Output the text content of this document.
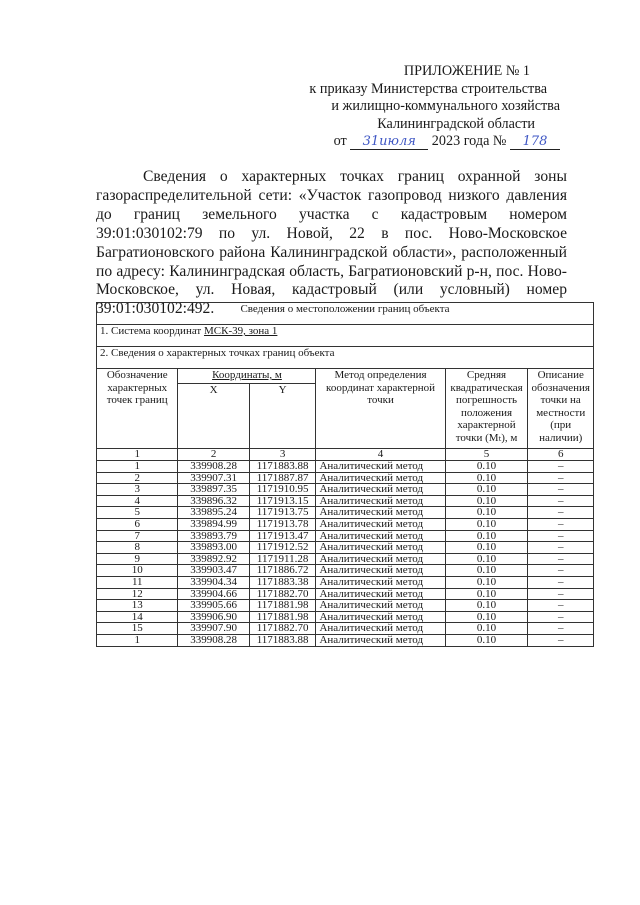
ПРИЛОЖЕНИЕ № 1
к приказу Министерства строительства
и жилищно-коммунального хозяйства
Калининградской области
от 31июля 2023 года № 178

Сведения о характерных точках границ охранной зоны газораспределительной сети: «Участок газопровод низкого давления до границ земельного участка с кадастровым номером 39:01:030102:79 по ул. Новой, 22 в пос. Ново-Московское Багратионовского района Калининградской области», расположенный по адресу: Калининградская область, Багратионовский р-н, пос. Ново-Московское, ул. Новая, кадастровый (или условный) номер 39:01:030102:492.	Сведения о местоположении границ объекта					
1. Система координат МСК-39, зона 1					
2. Сведения о характерных точках границ объекта					
Обозначение характерных точек границ	Координаты, м		Метод определения координат характерной точки	Средняя квадратическая погрешность положения характерной точки (Mₜ), м	Описание обозначения точки на местности (при наличии)
	X	Y			
1	2	3	4	5	6
1	339908.28	1171883.88	Аналитический метод	0.10	–
2	339907.31	1171887.87	Аналитический метод	0.10	–
3	339897.35	1171910.95	Аналитический метод	0.10	–
4	339896.32	1171913.15	Аналитический метод	0.10	–
5	339895.24	1171913.75	Аналитический метод	0.10	–
6	339894.99	1171913.78	Аналитический метод	0.10	–
7	339893.79	1171913.47	Аналитический метод	0.10	–
8	339893.00	1171912.52	Аналитический метод	0.10	–
9	339892.92	1171911.28	Аналитический метод	0.10	–
10	339903.47	1171886.72	Аналитический метод	0.10	–
11	339904.34	1171883.38	Аналитический метод	0.10	–
12	339904.66	1171882.70	Аналитический метод	0.10	–
13	339905.66	1171881.98	Аналитический метод	0.10	–
14	339906.90	1171881.98	Аналитический метод	0.10	–
15	339907.90	1171882.70	Аналитический метод	0.10	–
1	339908.28	1171883.88	Аналитический метод	0.10	–
